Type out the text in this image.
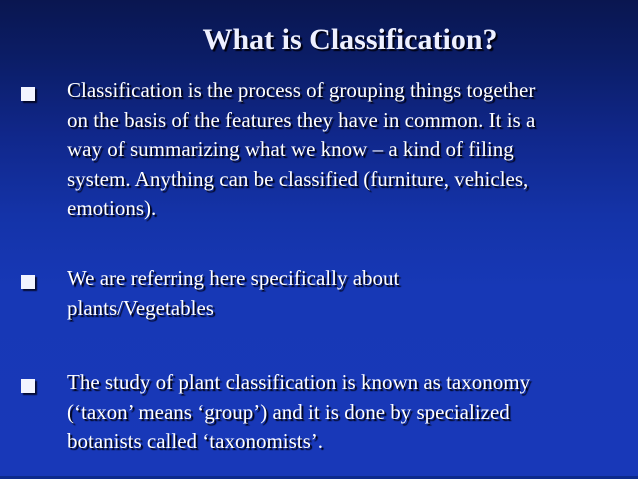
What is Classification?

Classification is the process of grouping things together
on the basis of the features they have in common. It is a
way of summarizing what we know – a kind of filing
system. Anything can be classified (furniture, vehicles,
emotions).

We are referring here specifically about
plants/Vegetables

The study of plant classification is known as taxonomy
(‘taxon’ means ‘group’) and it is done by specialized
botanists called ‘taxonomists’.
